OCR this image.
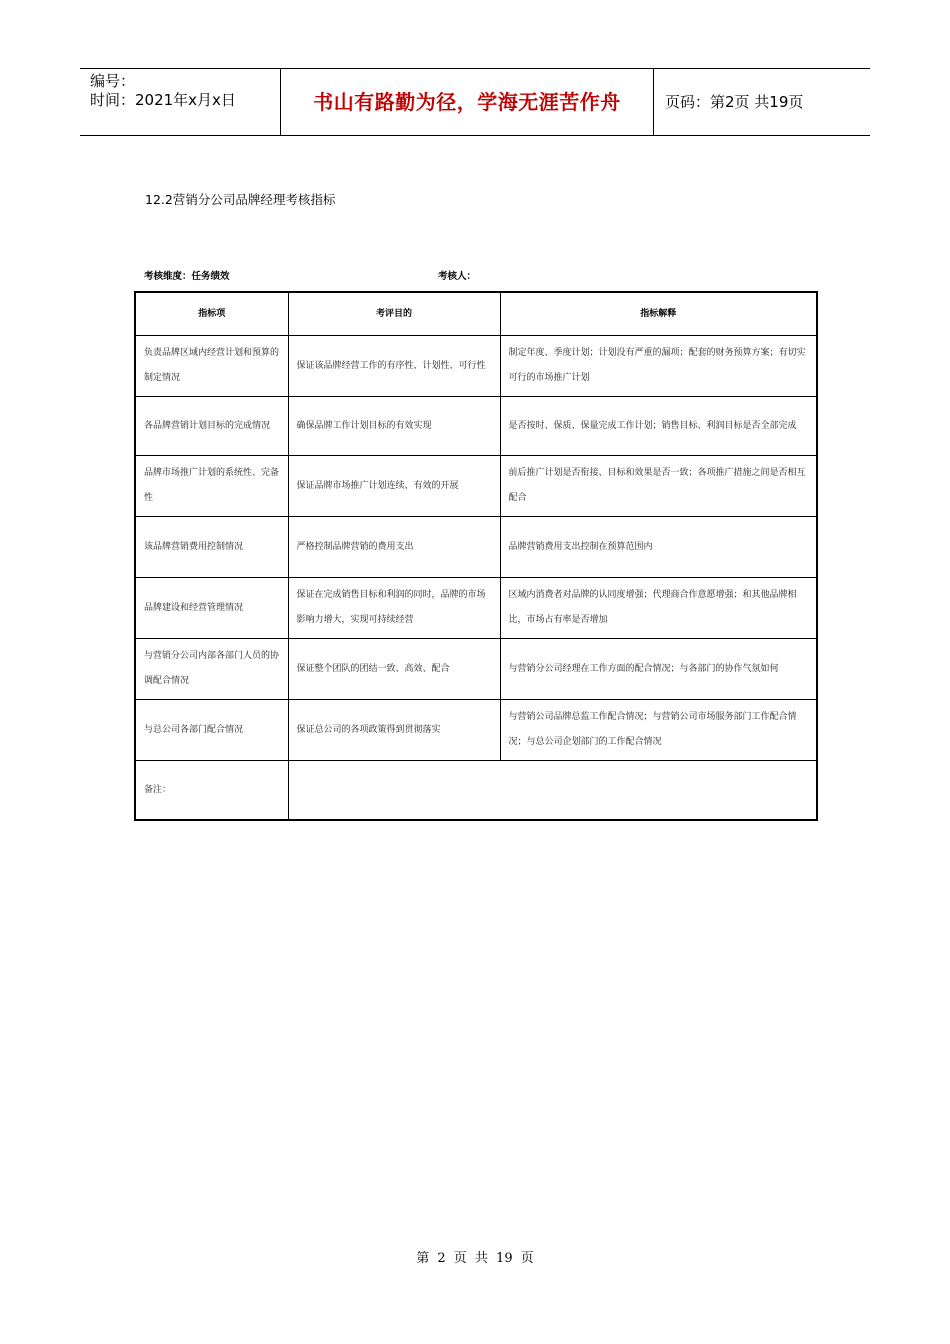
编号：
时间：2021年x月x日	书山有路勤为径，学海无涯苦作舟	页码：第2页 共19页
12.2营销分公司品牌经理考核指标
考核维度：任务绩效	考核人：
指标项	考评目的	指标解释
负责品牌区域内经营计划和预算的制定情况	保证该品牌经营工作的有序性、计划性、可行性	制定年度、季度计划；计划没有严重的漏项；配套的财务预算方案；有切实可行的市场推广计划
各品牌营销计划目标的完成情况	确保品牌工作计划目标的有效实现	是否按时、保质、保量完成工作计划；销售目标、利润目标是否全部完成
品牌市场推广计划的系统性、完备性	保证品牌市场推广计划连续、有效的开展	前后推广计划是否衔接、目标和效果是否一致；各项推广措施之间是否相互配合
该品牌营销费用控制情况	严格控制品牌营销的费用支出	品牌营销费用支出控制在预算范围内
品牌建设和经营管理情况	保证在完成销售目标和利润的同时，品牌的市场影响力增大，实现可持续经营	区域内消费者对品牌的认同度增强；代理商合作意愿增强；和其他品牌相比，市场占有率是否增加
与营销分公司内部各部门人员的协调配合情况	保证整个团队的团结一致、高效、配合	与营销分公司经理在工作方面的配合情况；与各部门的协作气氛如何
与总公司各部门配合情况	保证总公司的各项政策得到贯彻落实	与营销公司品牌总监工作配合情况；与营销公司市场服务部门工作配合情况；与总公司企划部门的工作配合情况
备注：		
第 2 页 共 19 页
